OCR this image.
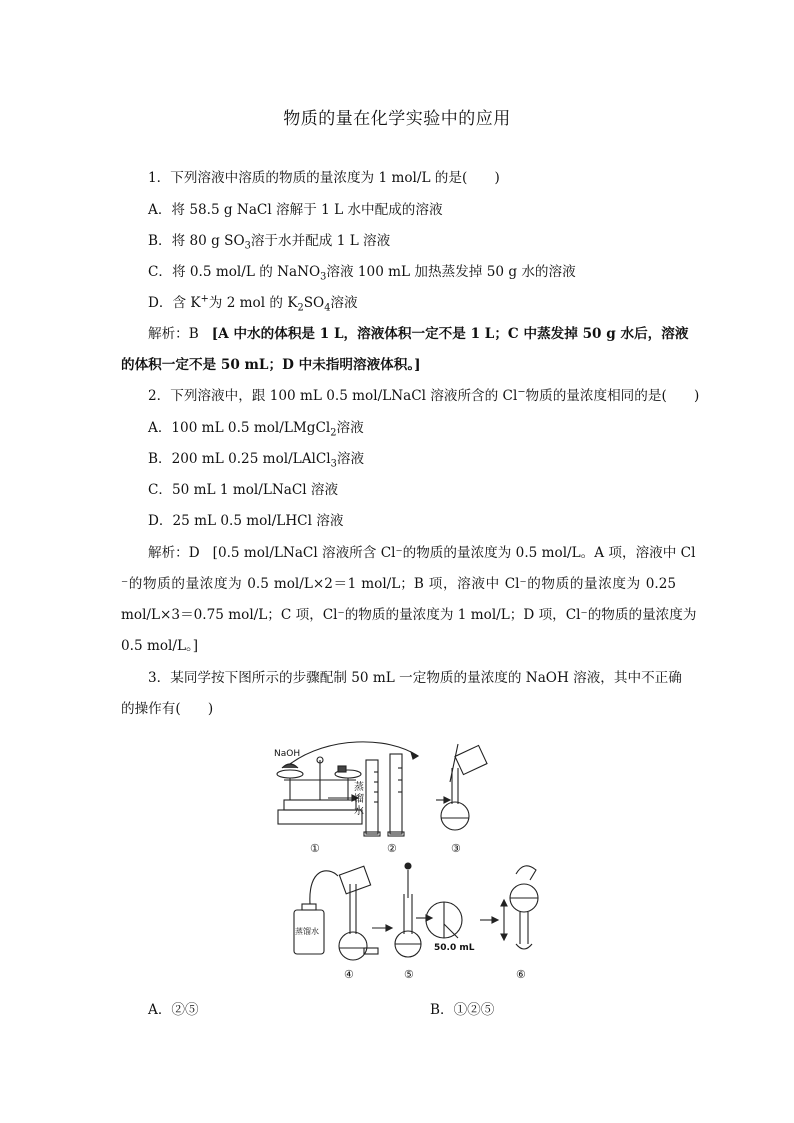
物质的量在化学实验中的应用
1．下列溶液中溶质的物质的量浓度为 1 mol/L 的是(　　)
A．将 58.5 g NaCl 溶解于 1 L 水中配成的溶液
B．将 80 g $SO_3$溶于水并配成 1 L 溶液
C．将 0.5 mol/L 的 NaNO$_3$溶液 100 mL 加热蒸发掉 50 g 水的溶液
D．含 K+为 2 mol 的 $K_2SO_4$溶液
解析：B [A 中水的体积是 1 L，溶液体积一定不是 1 L；C 中蒸发掉 50 g 水后，溶液
的体积一定不是 50 mL；D 中未指明溶液体积。]
2．下列溶液中，跟 100 mL 0.5 mol/LNaCl 溶液所含的 Cl−物质的量浓度相同的是(　　)
A．100 mL 0.5 mol/LMgCl$_2$溶液
B．200 mL 0.25 mol/LAlCl$_3$溶液
C．50 mL 1 mol/LNaCl 溶液
D．25 mL 0.5 mol/LHCl 溶液
解析：D [0.5 mol/LNaCl 溶液所含 Cl⁻的物质的量浓度为 0.5 mol/L。A 项，溶液中 Cl
⁻的物质的量浓度为 0.5 mol/L×2＝1 mol/L；B 项，溶液中 Cl⁻的物质的量浓度为 0.25
mol/L×3＝0.75 mol/L；C 项，Cl⁻的物质的量浓度为 1 mol/L；D 项，Cl⁻的物质的量浓度为
0.5 mol/L。]
3．某同学按下图所示的步骤配制 50 mL 一定物质的量浓度的 NaOH 溶液，其中不正确
的操作有(　　)
NaOH
蒸
馏
水
①	②	③
蒸馏水
50.0 mL
④	⑤	⑥
A．②⑤	B．①②⑤
